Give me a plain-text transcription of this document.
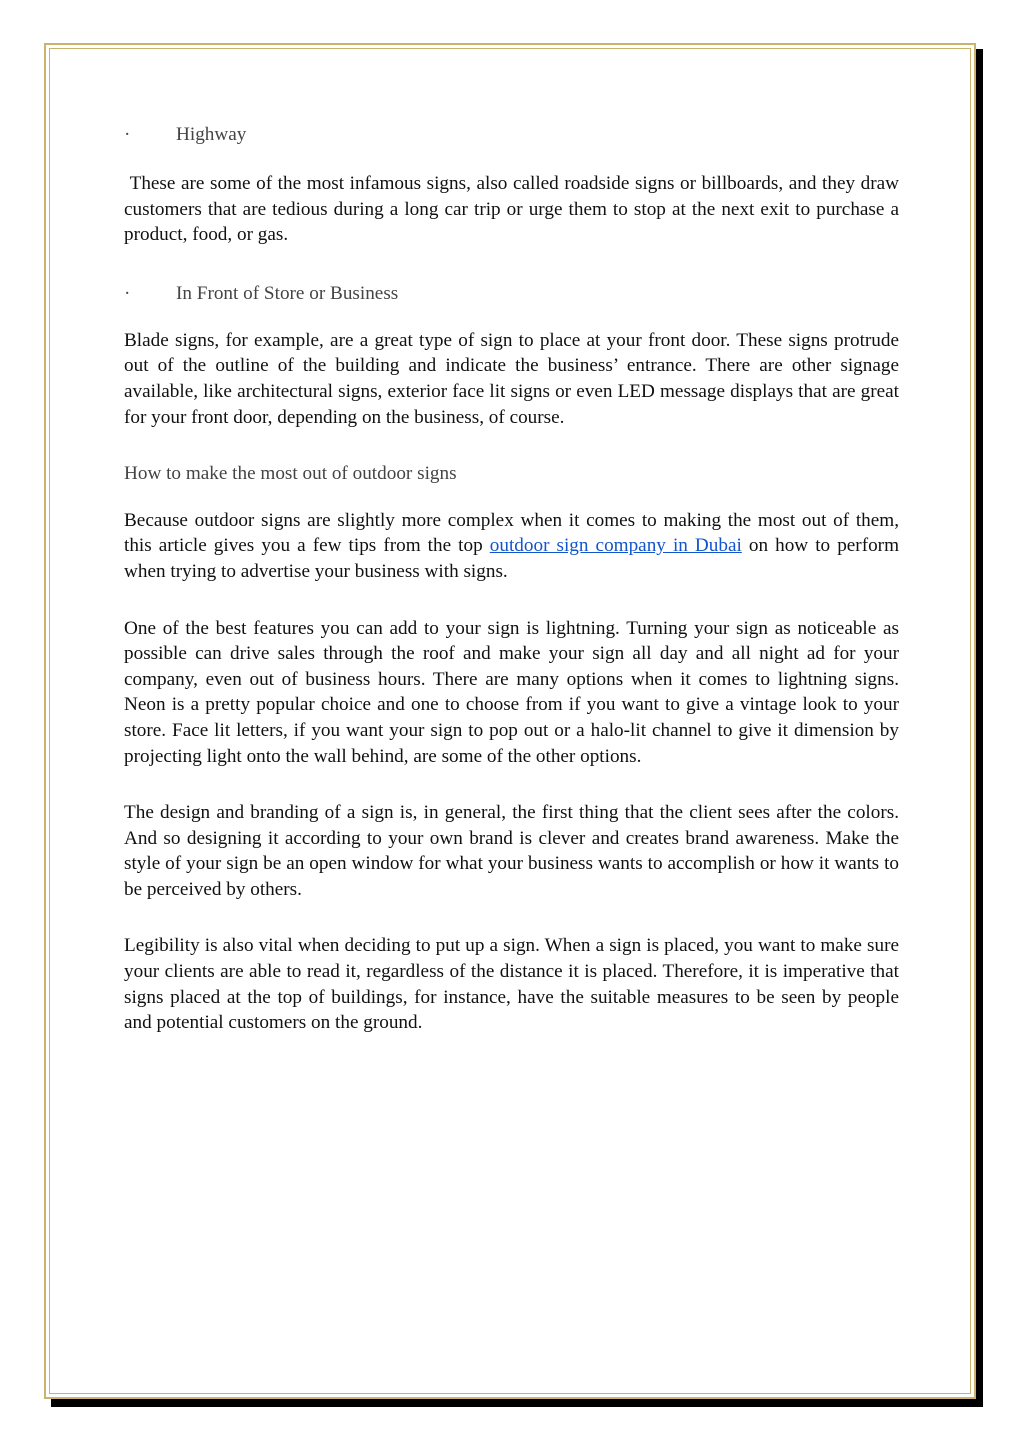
· Highway

These are some of the most infamous signs, also called roadside signs or billboards, and they draw customers that are tedious during a long car trip or urge them to stop at the next exit to purchase a product, food, or gas.

· In Front of Store or Business

Blade signs, for example, are a great type of sign to place at your front door. These signs protrude out of the outline of the building and indicate the business’ entrance. There are other signage available, like architectural signs, exterior face lit signs or even LED message displays that are great for your front door, depending on the business, of course.

How to make the most out of outdoor signs

Because outdoor signs are slightly more complex when it comes to making the most out of them, this article gives you a few tips from the top outdoor sign company in Dubai on how to perform when trying to advertise your business with signs.

One of the best features you can add to your sign is lightning. Turning your sign as noticeable as possible can drive sales through the roof and make your sign all day and all night ad for your company, even out of business hours. There are many options when it comes to lightning signs. Neon is a pretty popular choice and one to choose from if you want to give a vintage look to your store. Face lit letters, if you want your sign to pop out or a halo-lit channel to give it dimension by projecting light onto the wall behind, are some of the other options.

The design and branding of a sign is, in general, the first thing that the client sees after the colors. And so designing it according to your own brand is clever and creates brand awareness. Make the style of your sign be an open window for what your business wants to accomplish or how it wants to be perceived by others.

Legibility is also vital when deciding to put up a sign. When a sign is placed, you want to make sure your clients are able to read it, regardless of the distance it is placed. Therefore, it is imperative that signs placed at the top of buildings, for instance, have the suitable measures to be seen by people and potential customers on the ground.
